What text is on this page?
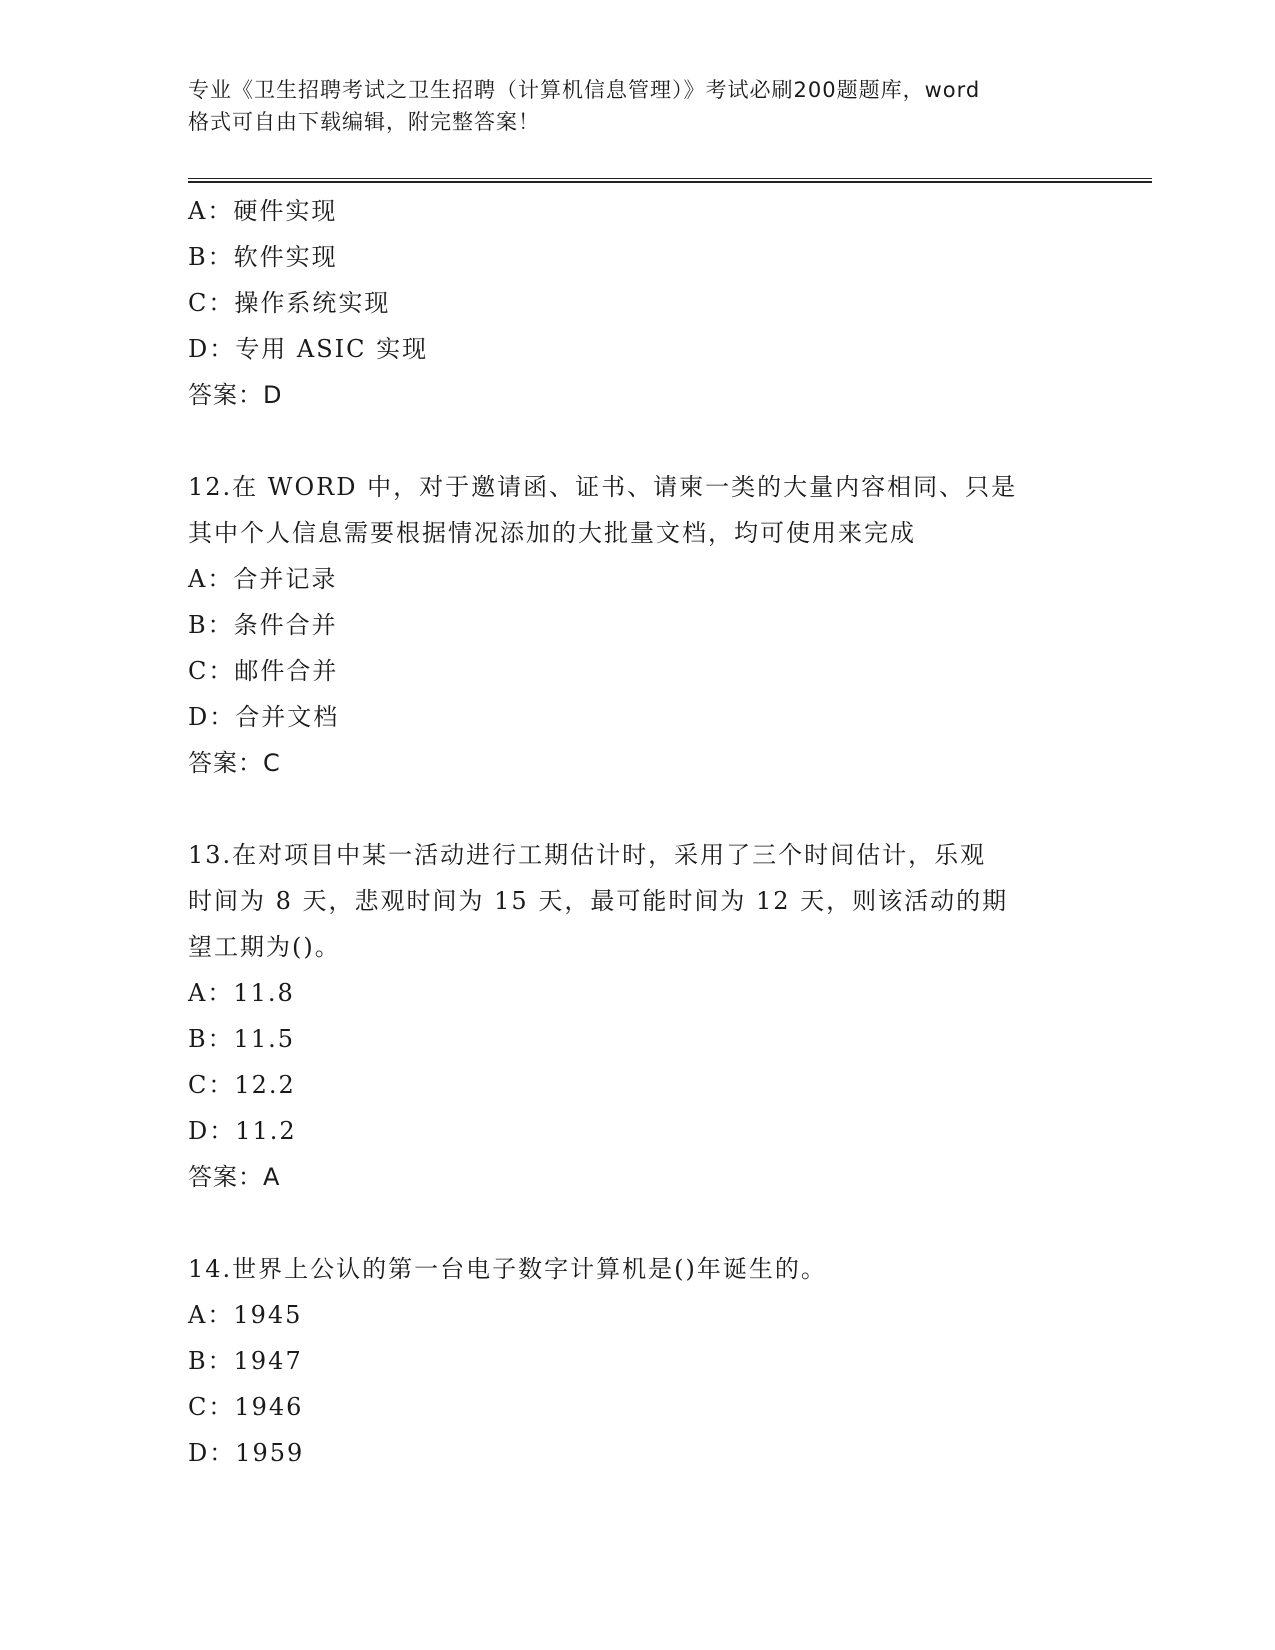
专业《卫生招聘考试之卫生招聘（计算机信息管理）》考试必刷200题题库，word
格式可自由下载编辑，附完整答案！
A：硬件实现
B：软件实现
C：操作系统实现
D：专用 ASIC 实现
答案：D
12.在 WORD 中，对于邀请函、证书、请柬一类的大量内容相同、只是
其中个人信息需要根据情况添加的大批量文档，均可使用来完成
A：合并记录
B：条件合并
C：邮件合并
D：合并文档
答案：C
13.在对项目中某一活动进行工期估计时，采用了三个时间估计，乐观
时间为 8 天，悲观时间为 15 天，最可能时间为 12 天，则该活动的期
望工期为()。
A：11.8
B：11.5
C：12.2
D：11.2
答案：A
14.世界上公认的第一台电子数字计算机是()年诞生的。
A：1945
B：1947
C：1946
D：1959
